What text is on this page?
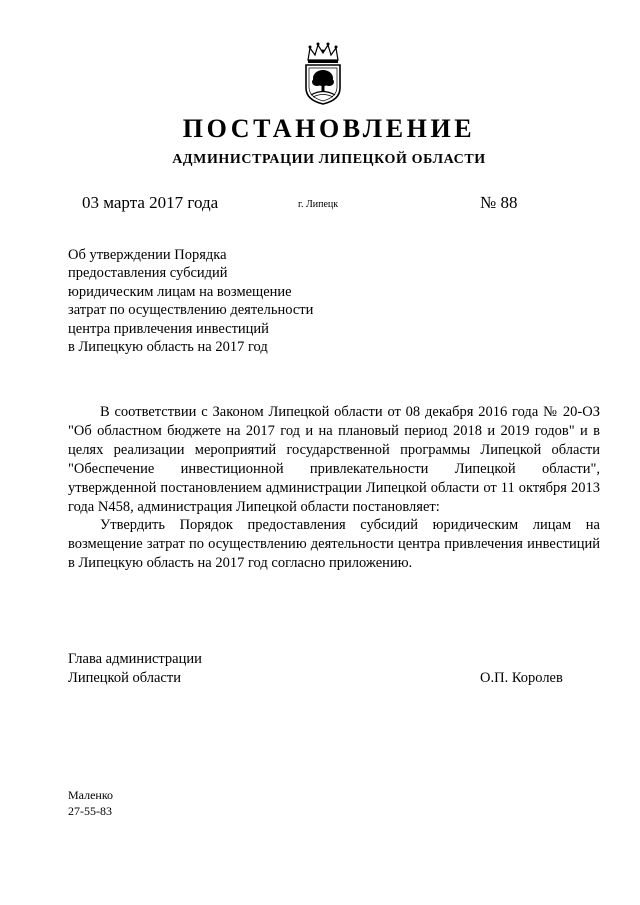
ПОСТАНОВЛЕНИЕ
АДМИНИСТРАЦИИ ЛИПЕЦКОЙ ОБЛАСТИ
03 марта 2017 года	г. Липецк	№ 88
Об утверждении Порядка
предоставления субсидий
юридическим лицам на возмещение
затрат по осуществлению деятельности
центра привлечения инвестиций
в Липецкую область на 2017 год

В соответствии с Законом Липецкой области от 08 декабря 2016 года № 20-ОЗ "Об областном бюджете на 2017 год и на плановый период 2018 и 2019 годов" и в целях реализации мероприятий государственной программы Липецкой области "Обеспечение инвестиционной привлекательности Липецкой области", утвержденной постановлением администрации Липецкой области от 11 октября 2013 года N458, администрация Липецкой области постановляет:

Утвердить Порядок предоставления субсидий юридическим лицам на возмещение затрат по осуществлению деятельности центра привлечения инвестиций в Липецкую область на 2017 год согласно приложению.

Глава администрации
Липецкой области	О.П. Королев
Маленко
27-55-83
